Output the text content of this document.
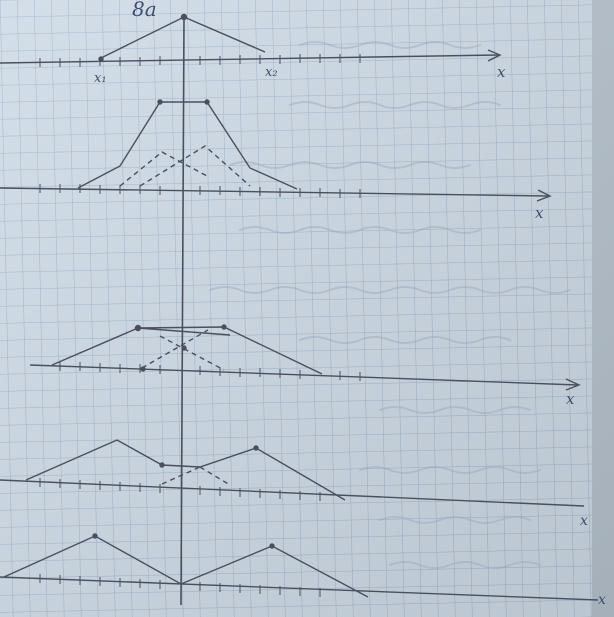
8a
x₁	x₂	x
x
x
x
x
